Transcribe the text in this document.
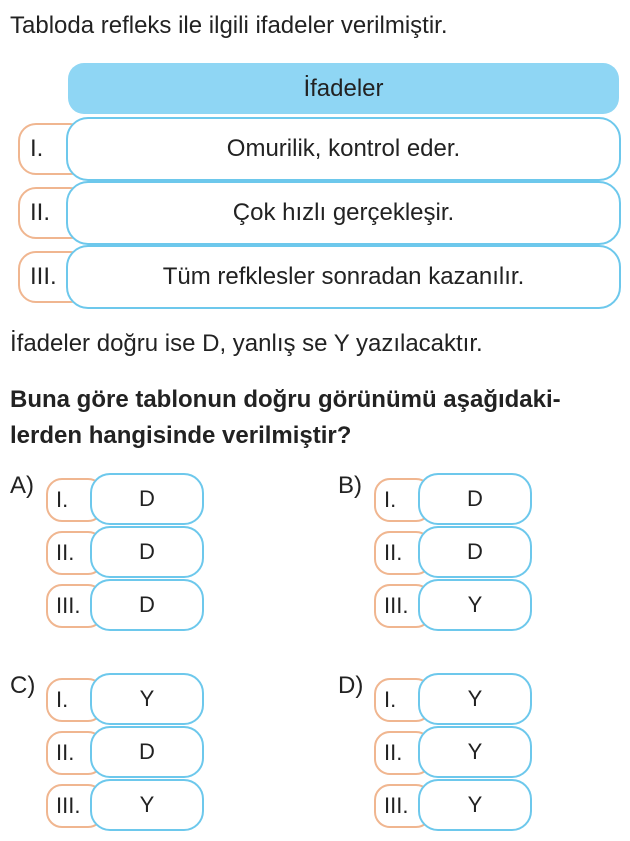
Tabloda refleks ile ilgili ifadeler verilmiştir.
İfadeler
I.	Omurilik, kontrol eder.
II.	Çok hızlı gerçekleşir.
III.	Tüm refklesler sonradan kazanılır.
İfadeler doğru ise D, yanlış se Y yazılacaktır.
Buna göre tablonun doğru görünümü aşağıdaki-
lerden hangisinde verilmiştir?
A)
I.	D
II.	D
III.	D
B)
I.	D
II.	D
III.	Y
C)
I.	Y
II.	D
III.	Y
D)
I.	Y
II.	Y
III.	Y
